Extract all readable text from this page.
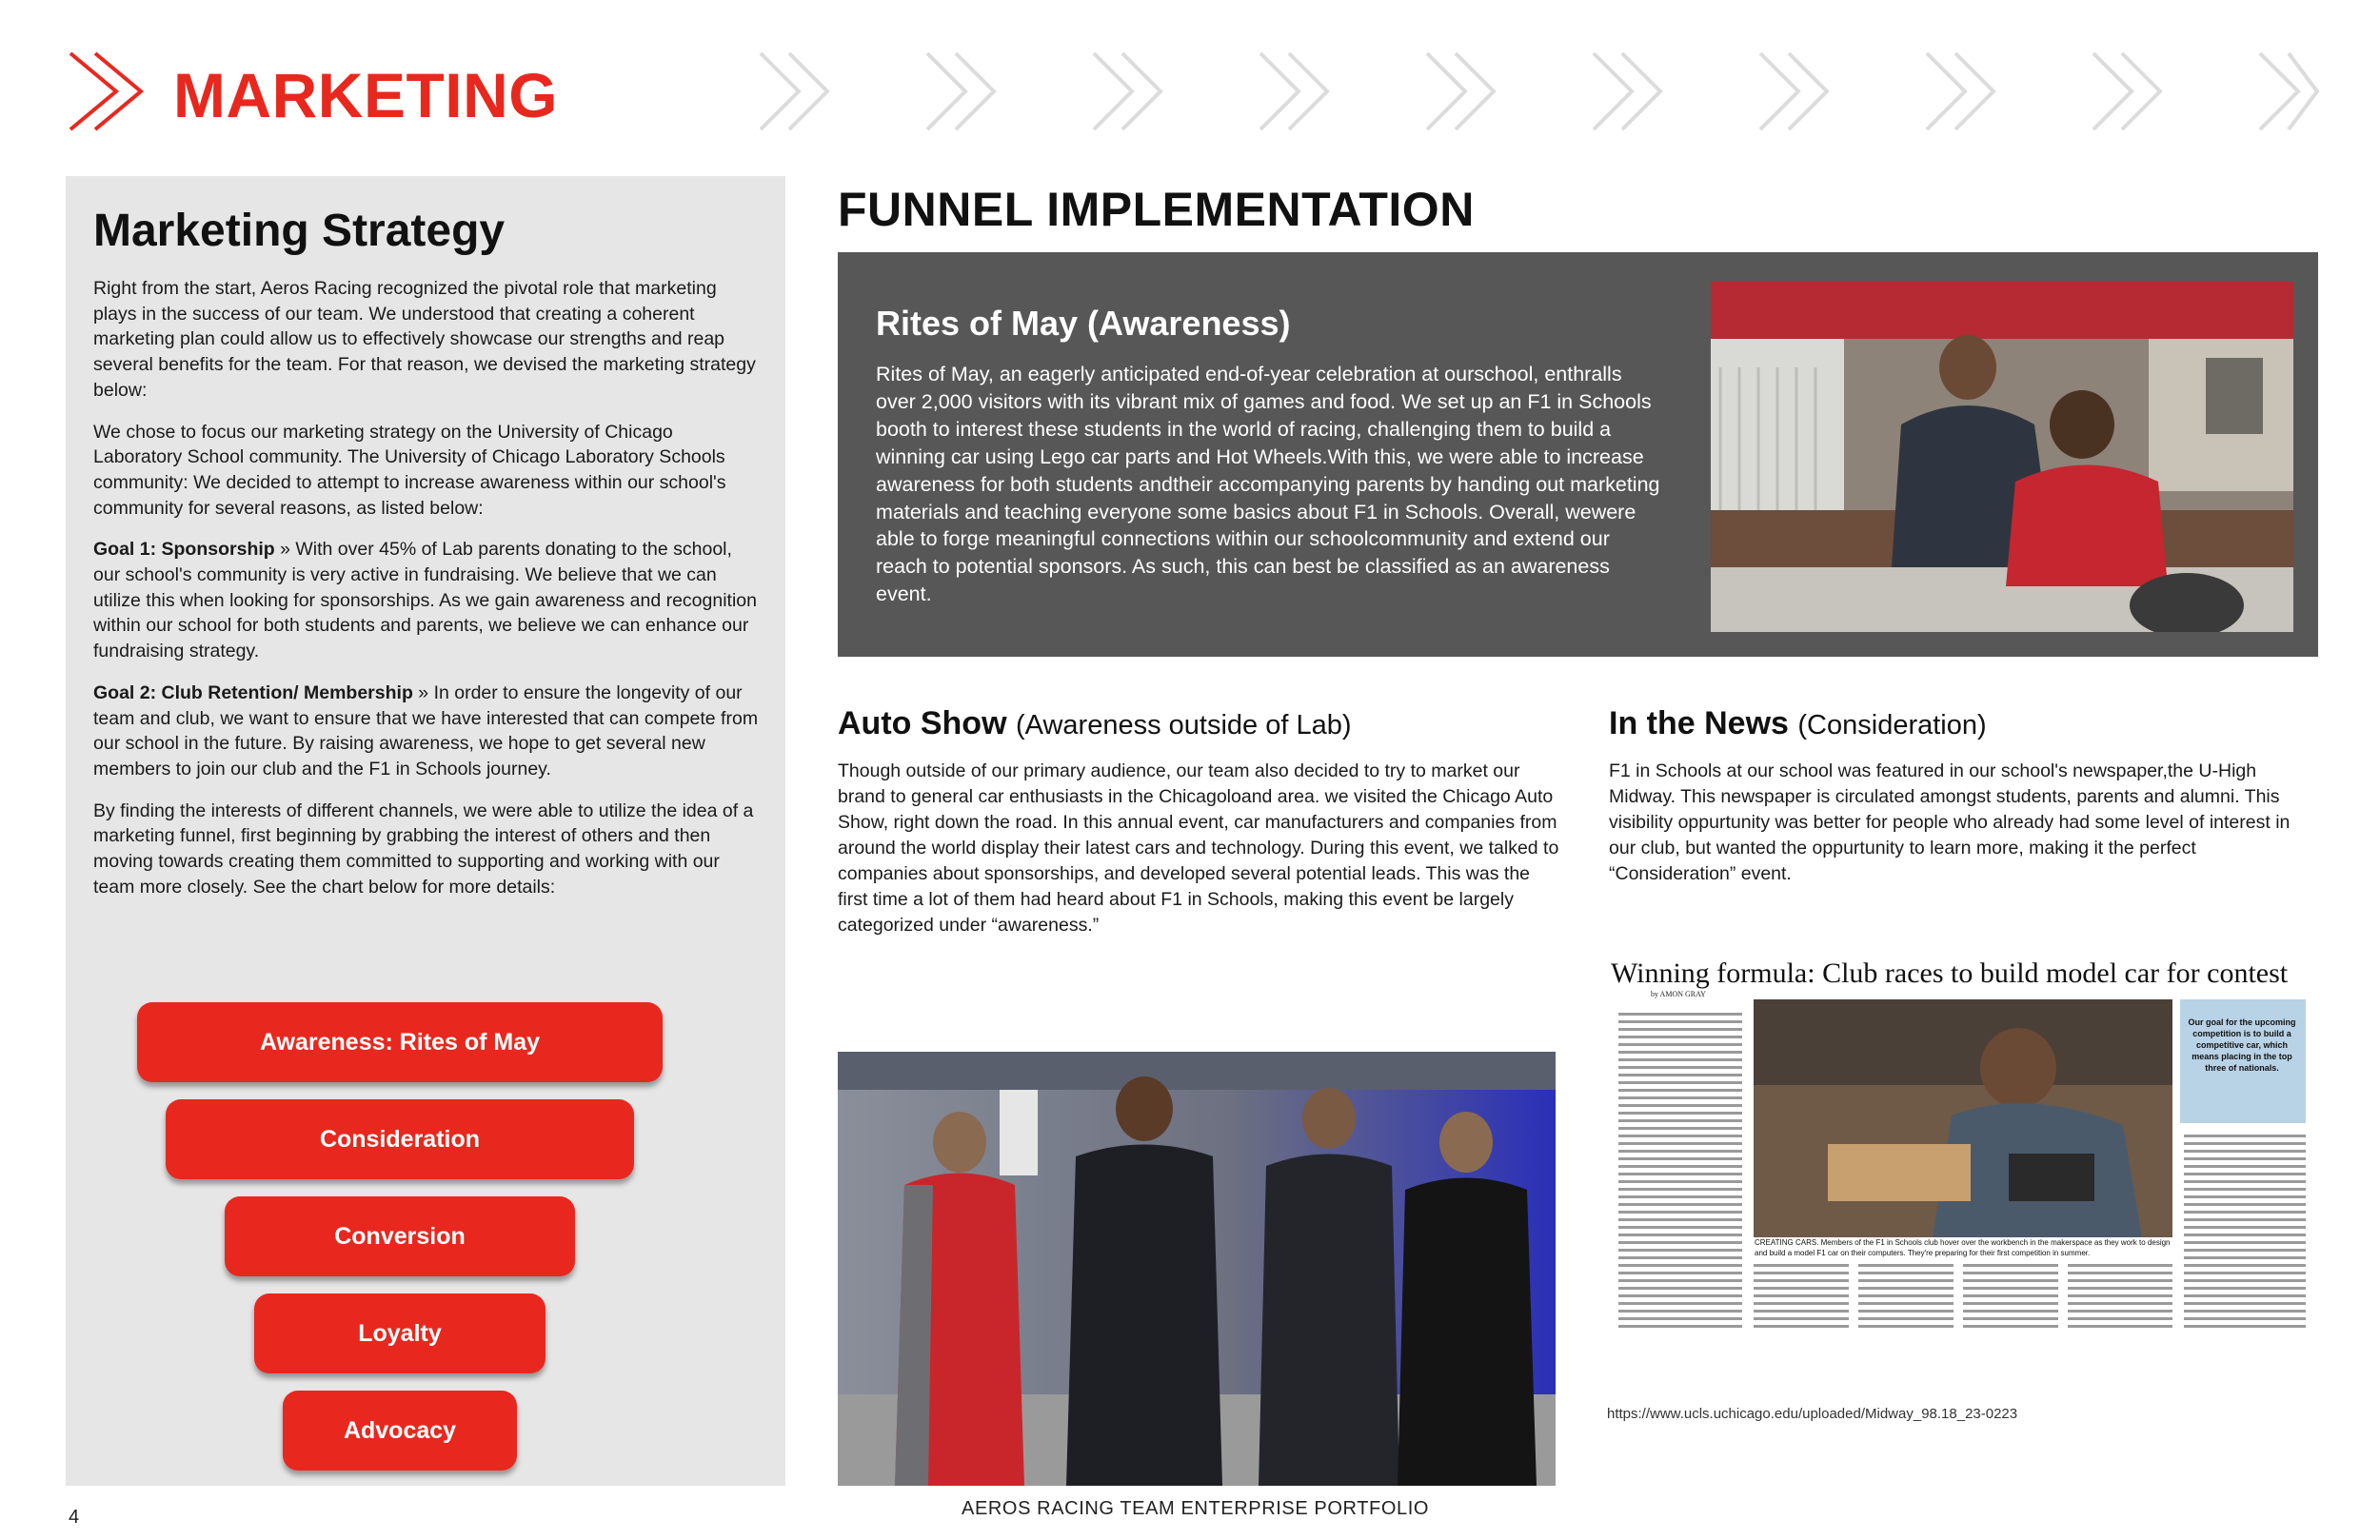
MARKETING
Marketing Strategy

Right from the start, Aeros Racing recognized the pivotal role that marketing plays in the success of our team. We understood that creating a coherent marketing plan could allow us to effectively showcase our strengths and reap several benefits for the team. For that reason, we devised the marketing strategy below:

We chose to focus our marketing strategy on the University of Chicago Laboratory School community. The University of Chicago Laboratory Schools community: We decided to attempt to increase awareness within our school's community for several reasons, as listed below:

Goal 1: Sponsorship » With over 45% of Lab parents donating to the school, our school's community is very active in fundraising. We believe that we can utilize this when looking for sponsorships. As we gain awareness and recognition within our school for both students and parents, we believe we can enhance our fundraising strategy.

Goal 2: Club Retention/ Membership » In order to ensure the longevity of our team and club, we want to ensure that we have interested that can compete from our school in the future. By raising awareness, we hope to get several new members to join our club and the F1 in Schools journey.

By finding the interests of different channels, we were able to utilize the idea of a marketing funnel, first beginning by grabbing the interest of others and then moving towards creating them committed to supporting and working with our team more closely. See the chart below for more details:

Awareness: Rites of May
Consideration
Conversion
Loyalty
Advocacy
FUNNEL IMPLEMENTATION
Rites of May (Awareness)
Rites of May, an eagerly anticipated end-of-year celebration at ourschool, enthralls over 2,000 visitors with its vibrant mix of games and food. We set up an F1 in Schools booth to interest these students in the world of racing, challenging them to build a winning car using Lego car parts and Hot Wheels.With this, we were able to increase awareness for both students andtheir accompanying parents by handing out marketing materials and teaching everyone some basics about F1 in Schools. Overall, wewere able to forge meaningful connections within our schoolcommunity and extend our reach to potential sponsors. As such, this can best be classified as an awareness event.
Auto Show (Awareness outside of Lab)
Though outside of our primary audience, our team also decided to try to market our brand to general car enthusiasts in the Chicagoloand area. we visited the Chicago Auto Show, right down the road. In this annual event, car manufacturers and companies from around the world display their latest cars and technology. During this event, we talked to companies about sponsorships, and developed several potential leads. This was the first time a lot of them had heard about F1 in Schools, making this event be largely categorized under “awareness.”
In the News (Consideration)
F1 in Schools at our school was featured in our school's newspaper,the U-High Midway. This newspaper is circulated amongst students, parents and alumni. This visibility oppurtunity was better for people who already had some level of interest in our club, but wanted the oppurtunity to learn more, making it the perfect “Consideration” event.
Winning formula: Club races to build model car for contest
by AMON GRAY
Our goal for the upcoming competition is to build a competitive car, which means placing in the top three of nationals.
CREATING CARS. Members of the F1 in Schools club hover over the workbench in the makerspace as they work to design and build a model F1 car on their computers. They're preparing for their first competition in summer.
https://www.ucls.uchicago.edu/uploaded/Midway_98.18_23-0223
4	AEROS RACING TEAM ENTERPRISE PORTFOLIO
